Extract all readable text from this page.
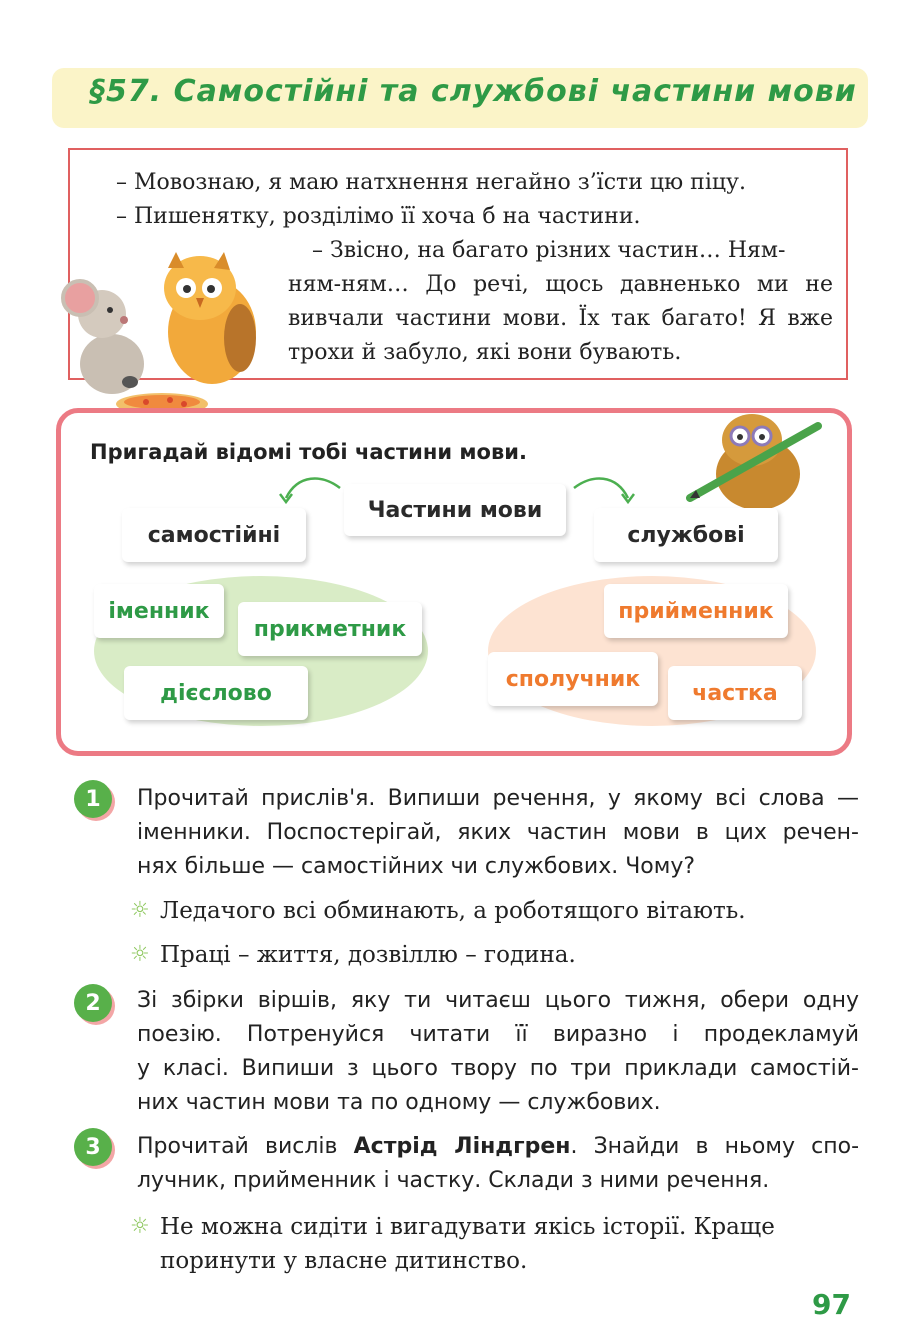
§57. Самостійні та службові частини мови
– Мовознаю, я маю натхнення негайно з’їсти цю піцу.
– Пишенятку, розділімо її хоча б на частини.
– Звісно, на багато різних частин… Ням-
ням-ням… До речі, щось давненько ми не вивчали частини мови. Їх так багато! Я вже трохи й забуло, які вони бувають.
Пригадай відомі тобі частини мови.
Частини мови
самостійні	службові
іменник
прикметник
дієслово
прийменник
сполучник
частка
1	Прочитай прислів'я. Випиши речення, у якому всі слова —
іменники. Поспостерігай, яких частин мови в цих речен-
нях більше — самостійних чи службових. Чому?
☼ Ледачого всі обминають, а роботящого вітають.
☼ Праці – життя, дозвіллю – година.
2	Зі збірки віршів, яку ти читаєш цього тижня, обери одну
поезію. Потренуйся читати її виразно і продекламуй
у класі. Випиши з цього твору по три приклади самостій-
них частин мови та по одному — службових.
3	Прочитай вислів Астрід Ліндгрен. Знайди в ньому спо-
лучник, прийменник і частку. Склади з ними речення.
☼ Не можна сидіти і вигадувати якісь історії. Краще
поринути у власне дитинство.
97
